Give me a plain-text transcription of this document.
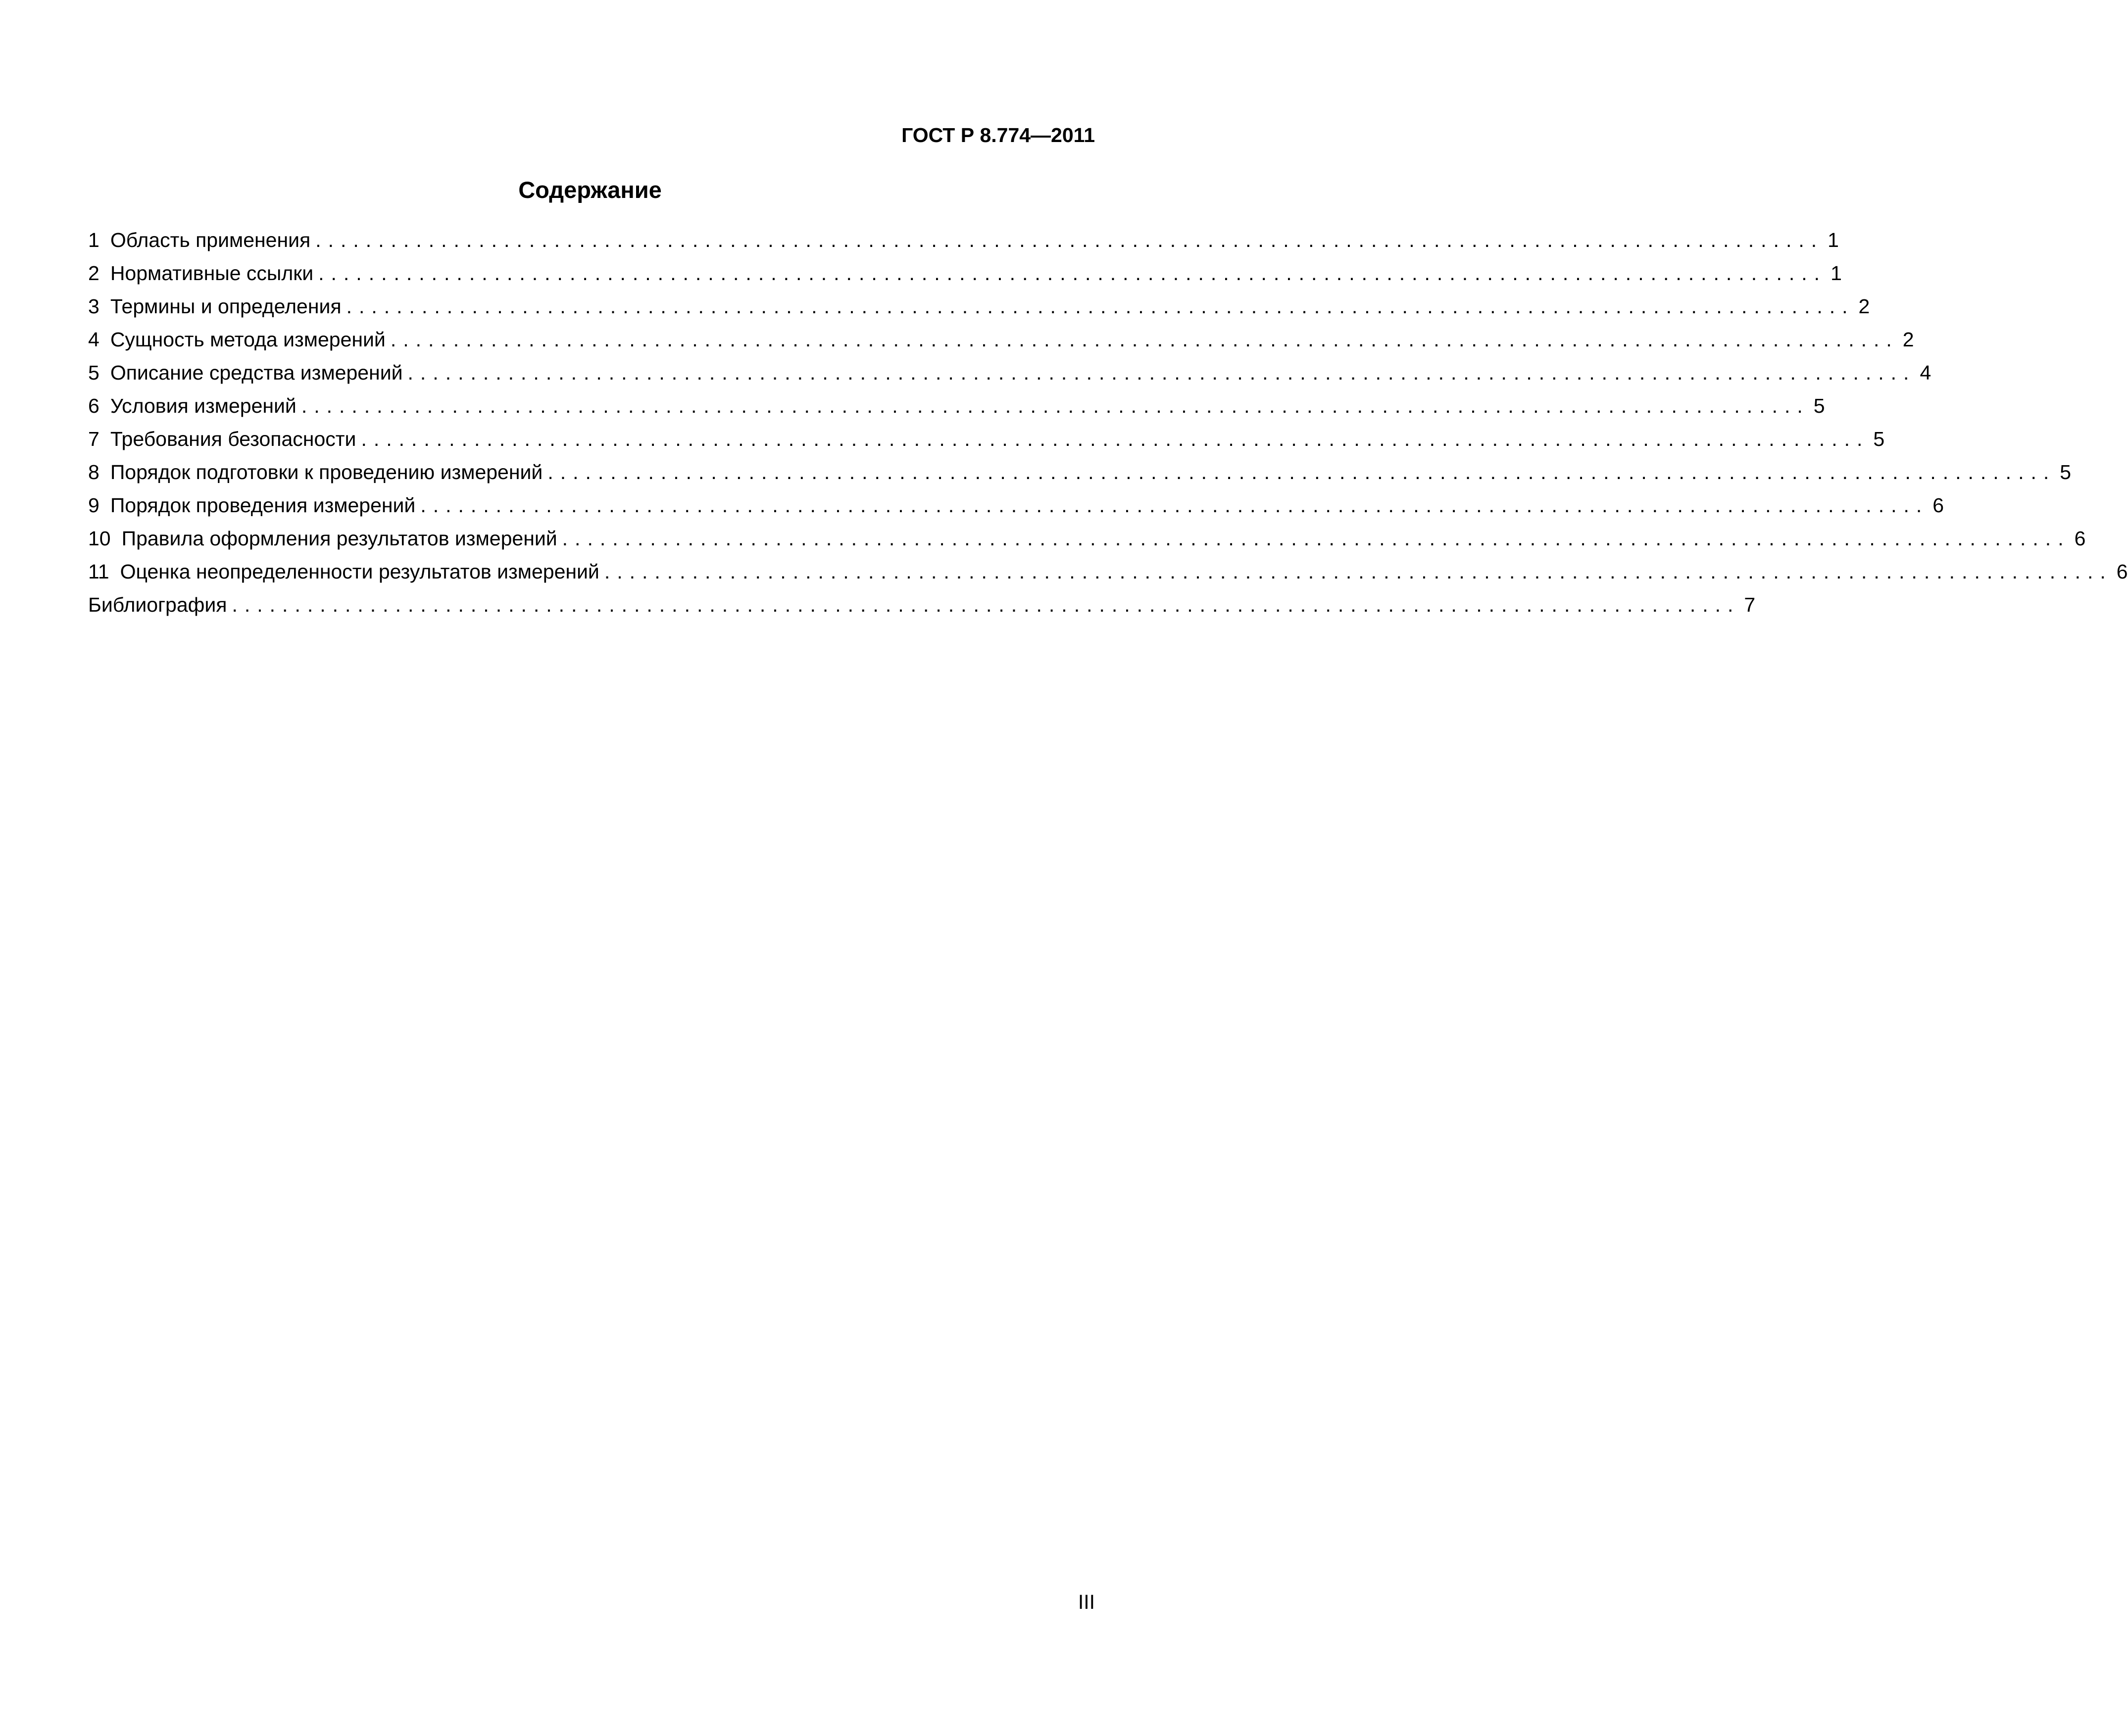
ГОСТ Р 8.774—2011
Содержание
1 Область применения ........................................................................................................................ 1
2 Нормативные ссылки ........................................................................................................................ 1
3 Термины и определения ........................................................................................................................ 2
4 Сущность метода измерений ........................................................................................................................ 2
5 Описание средства измерений ........................................................................................................................ 4
6 Условия измерений ........................................................................................................................ 5
7 Требования безопасности ........................................................................................................................ 5
8 Порядок подготовки к проведению измерений ........................................................................................................................ 5
9 Порядок проведения измерений ........................................................................................................................ 6
10 Правила оформления результатов измерений ........................................................................................................................ 6
11 Оценка неопределенности результатов измерений ........................................................................................................................ 6
Библиография ........................................................................................................................ 7
III
